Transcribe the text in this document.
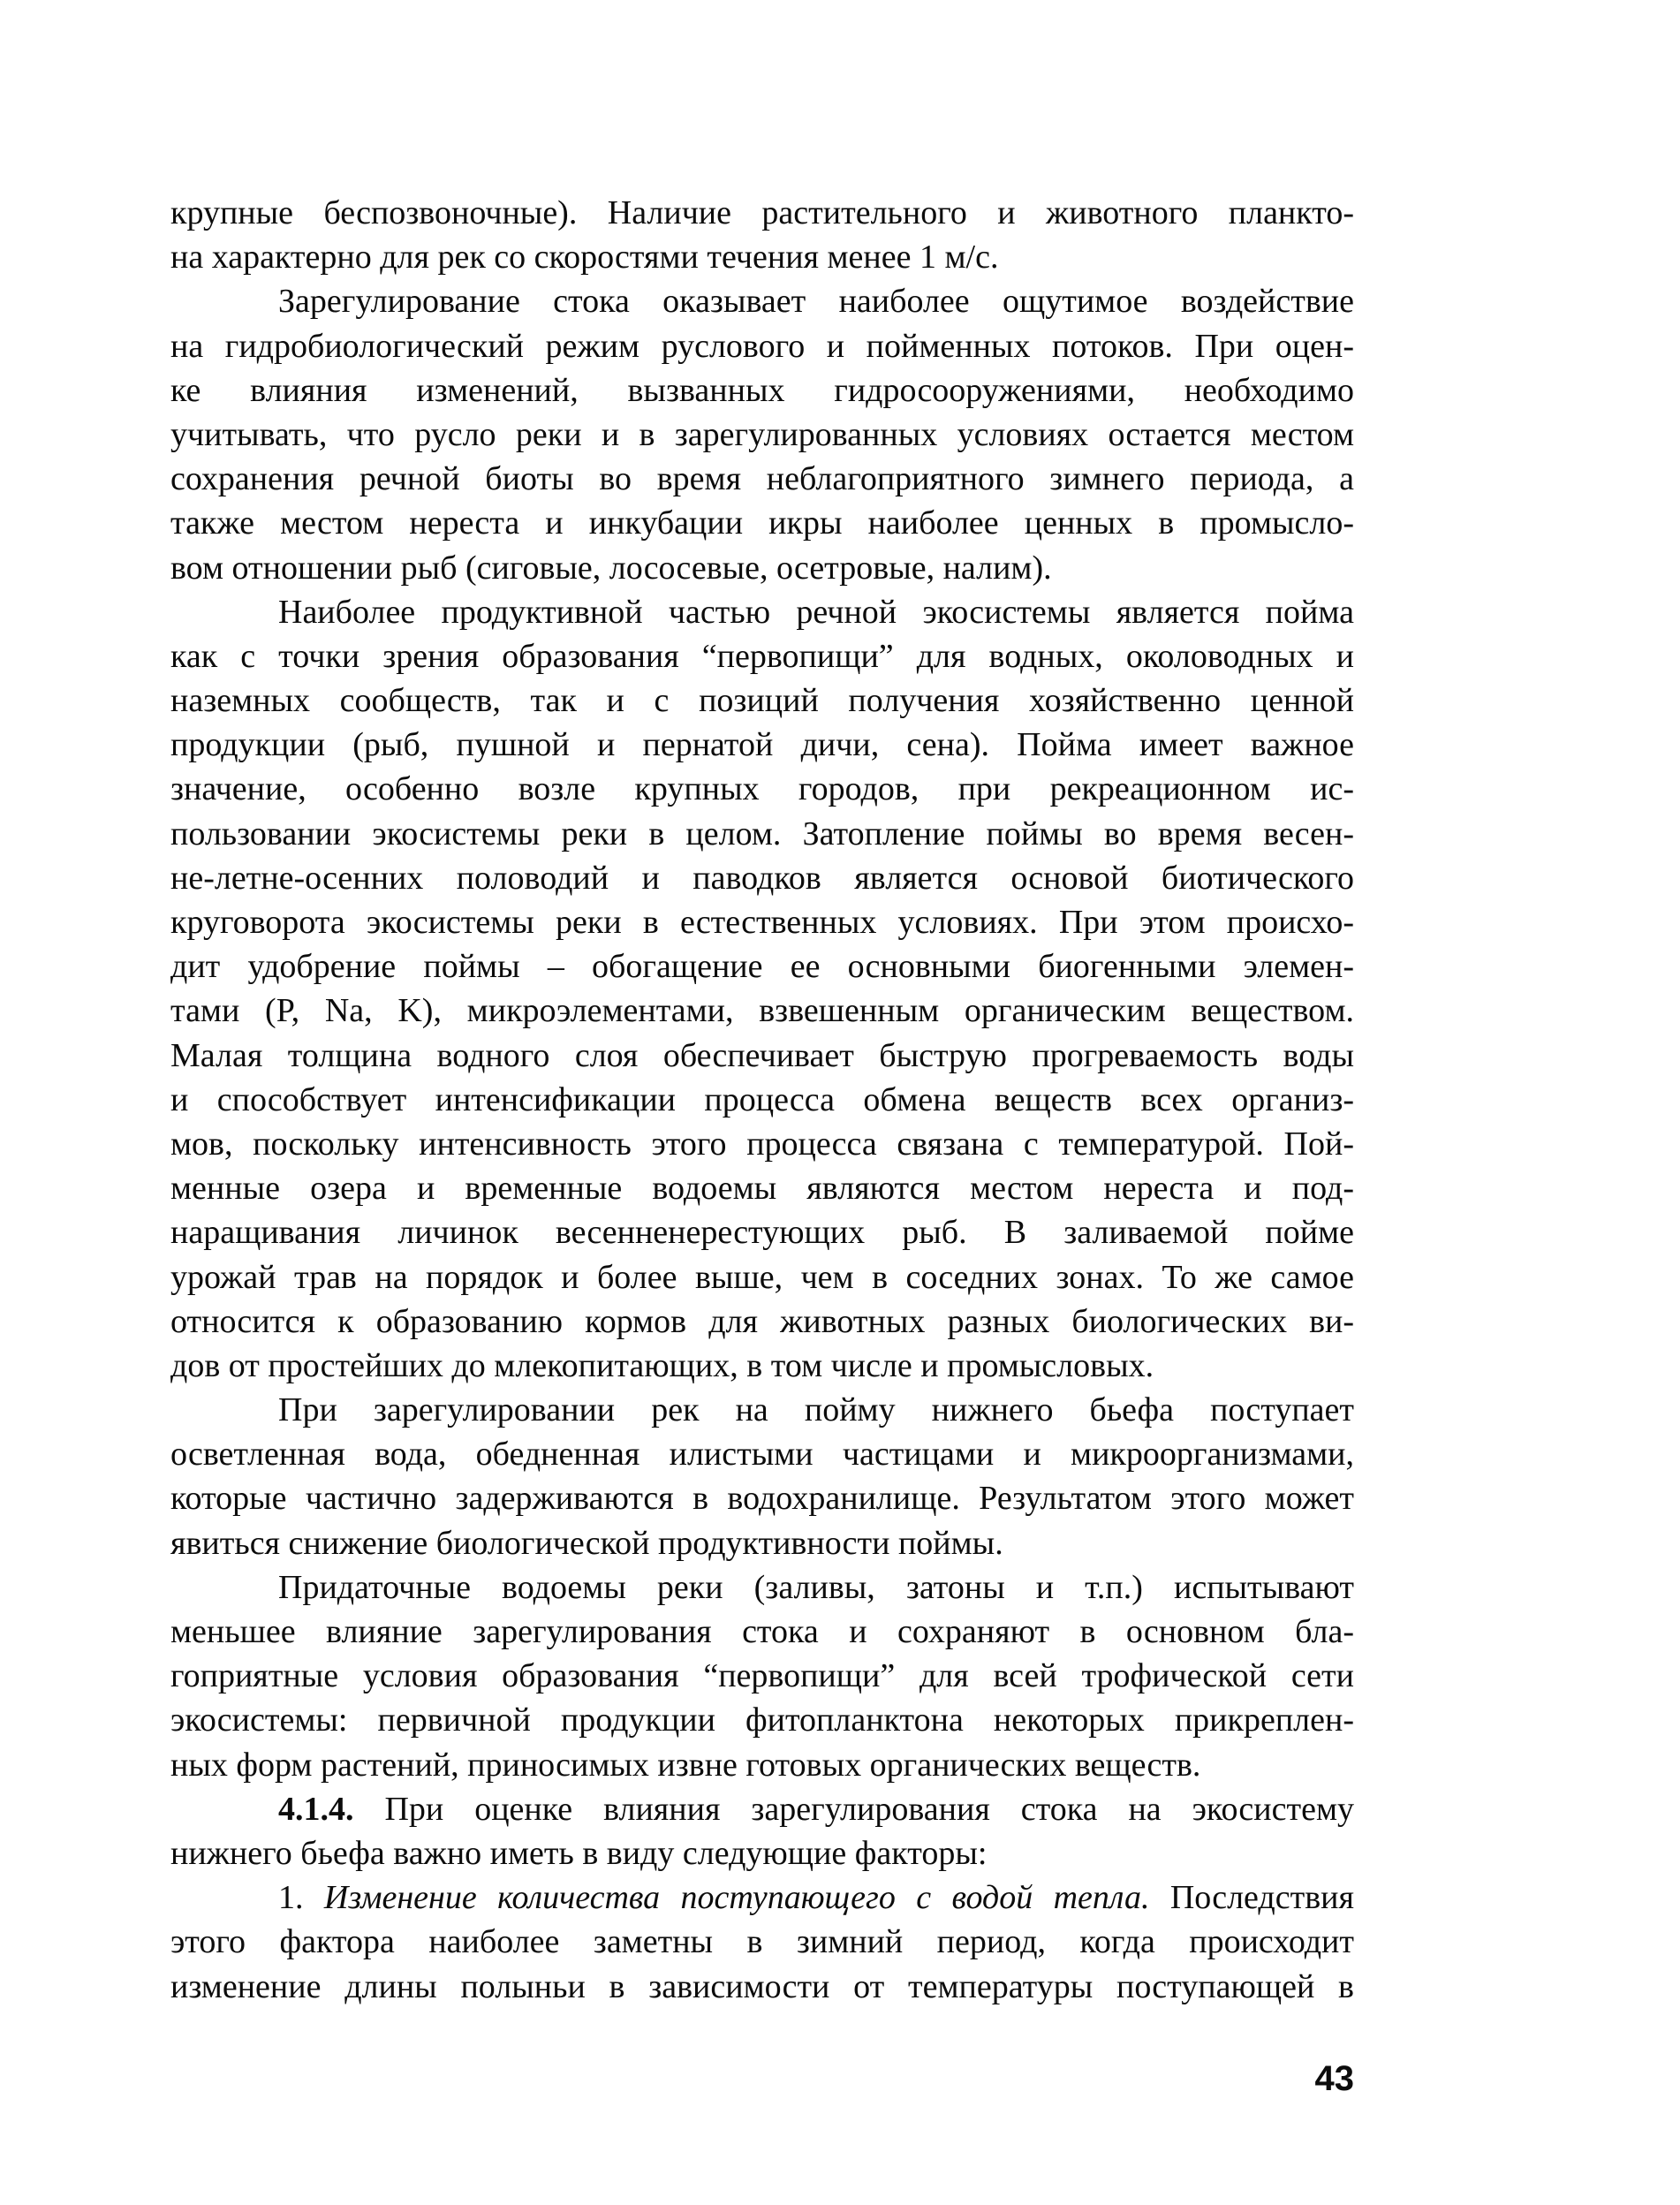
крупные беспозвоночные). Наличие растительного и животного планкто-
на характерно для рек со скоростями течения менее 1 м/с.
Зарегулирование стока оказывает наиболее ощутимое воздействие
на гидробиологический режим руслового и пойменных потоков. При оцен-
ке влияния изменений, вызванных гидросооружениями, необходимо
учитывать, что русло реки и в зарегулированных условиях остается местом
сохранения речной биоты во время неблагоприятного зимнего периода, а
также местом нереста и инкубации икры наиболее ценных в промысло-
вом отношении рыб (сиговые, лососевые, осетровые, налим).
Наиболее продуктивной частью речной экосистемы является пойма
как с точки зрения образования “первопищи” для водных, околоводных и
наземных сообществ, так и с позиций получения хозяйственно ценной
продукции (рыб, пушной и пернатой дичи, сена). Пойма имеет важное
значение, особенно возле крупных городов, при рекреационном ис-
пользовании экосистемы реки в целом. Затопление поймы во время весен-
не-летне-осенних половодий и паводков является основой биотического
круговорота экосистемы реки в естественных условиях. При этом происхо-
дит удобрение поймы – обогащение ее основными биогенными элемен-
тами (P, Na, K), микроэлементами, взвешенным органическим веществом.
Малая толщина водного слоя обеспечивает быструю прогреваемость воды
и способствует интенсификации процесса обмена веществ всех организ-
мов, поскольку интенсивность этого процесса связана с температурой. Пой-
менные озера и временные водоемы являются местом нереста и под-
наращивания личинок весенненерестующих рыб. В заливаемой пойме
урожай трав на порядок и более выше, чем в соседних зонах. То же самое
относится к образованию кормов для животных разных биологических ви-
дов от простейших до млекопитающих, в том числе и промысловых.
При зарегулировании рек на пойму нижнего бьефа поступает
осветленная вода, обедненная илистыми частицами и микроорганизмами,
которые частично задерживаются в водохранилище. Результатом этого может
явиться снижение биологической продуктивности поймы.
Придаточные водоемы реки (заливы, затоны и т.п.) испытывают
меньшее влияние зарегулирования стока и сохраняют в основном бла-
гоприятные условия образования “первопищи” для всей трофической сети
экосистемы: первичной продукции фитопланктона некоторых прикреплен-
ных форм растений, приносимых извне готовых органических веществ.
4.1.4. При оценке влияния зарегулирования стока на экосистему
нижнего бьефа важно иметь в виду следующие факторы:
1. Изменение количества поступающего с водой тепла. Последствия
этого фактора наиболее заметны в зимний период, когда происходит
изменение длины полыньи в зависимости от температуры поступающей в
43
